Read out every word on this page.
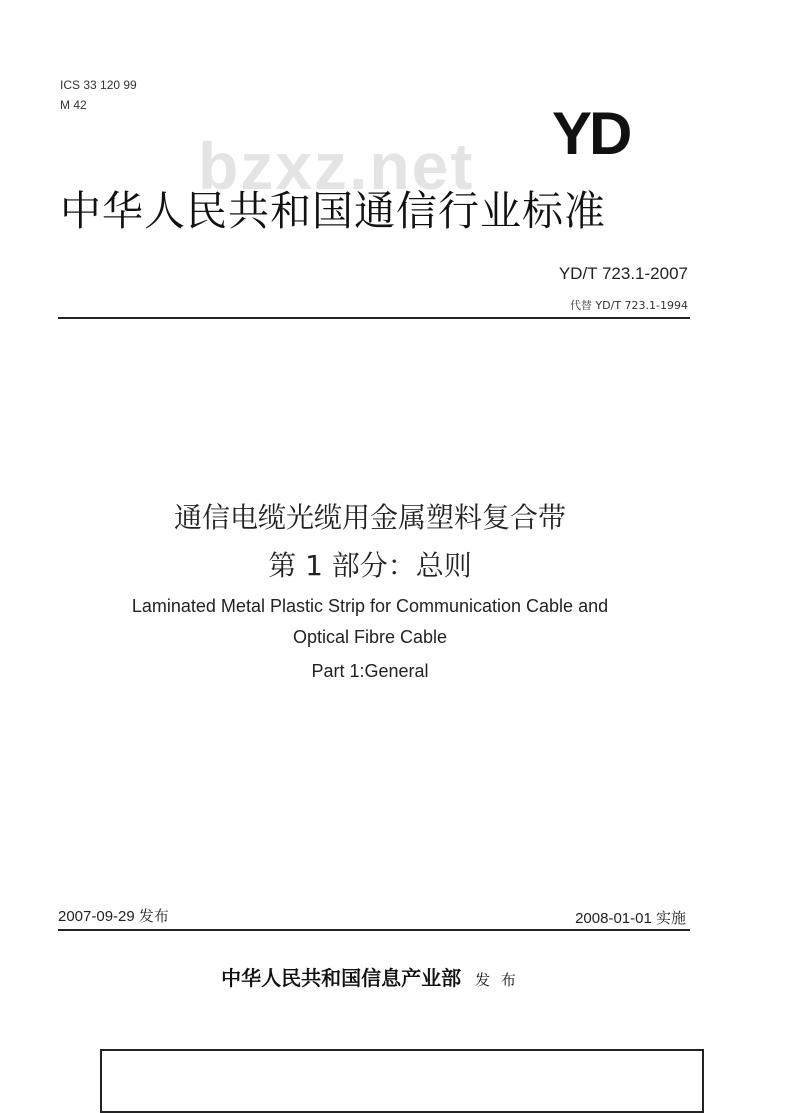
ICS 33 120 99
M 42
bzxz.net YD
中华人民共和国通信行业标准
YD/T 723.1-2007
代替 YD/T 723.1-1994
通信电缆光缆用金属塑料复合带
第 1 部分：总则
Laminated Metal Plastic Strip for Communication Cable and
Optical Fibre Cable
Part 1:General
2007-09-29 发布	2008-01-01 实施
中华人民共和国信息产业部 发 布
